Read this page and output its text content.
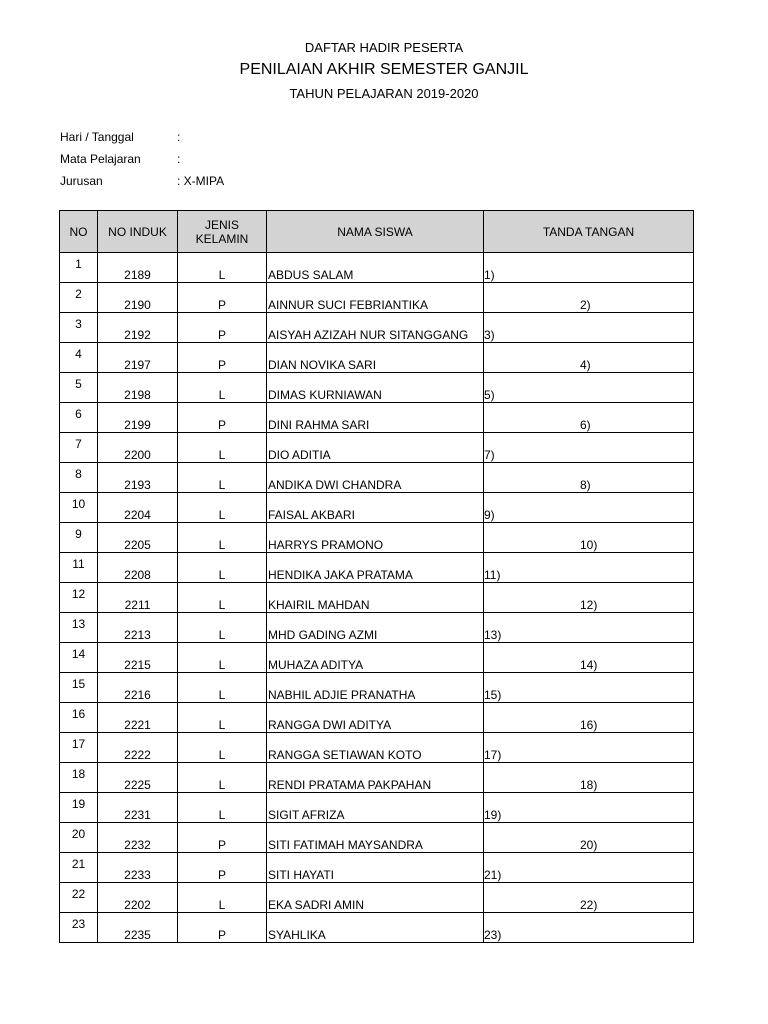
DAFTAR HADIR PESERTA
PENILAIAN AKHIR SEMESTER GANJIL
TAHUN PELAJARAN 2019-2020
Hari / Tanggal	:
Mata Pelajaran	:
Jurusan	: X-MIPA
NO	NO INDUK	JENIS KELAMIN	NAMA SISWA	TANDA TANGAN
1	2189	L	ABDUS SALAM	1)
2	2190	P	AINNUR SUCI FEBRIANTIKA	2)
3	2192	P	AISYAH AZIZAH NUR SITANGGANG	3)
4	2197	P	DIAN NOVIKA SARI	4)
5	2198	L	DIMAS KURNIAWAN	5)
6	2199	P	DINI RAHMA SARI	6)
7	2200	L	DIO ADITIA	7)
8	2193	L	ANDIKA DWI CHANDRA	8)
10	2204	L	FAISAL AKBARI	9)
9	2205	L	HARRYS PRAMONO	10)
11	2208	L	HENDIKA JAKA PRATAMA	11)
12	2211	L	KHAIRIL MAHDAN	12)
13	2213	L	MHD GADING AZMI	13)
14	2215	L	MUHAZA ADITYA	14)
15	2216	L	NABHIL ADJIE PRANATHA	15)
16	2221	L	RANGGA DWI ADITYA	16)
17	2222	L	RANGGA SETIAWAN KOTO	17)
18	2225	L	RENDI PRATAMA PAKPAHAN	18)
19	2231	L	SIGIT AFRIZA	19)
20	2232	P	SITI FATIMAH MAYSANDRA	20)
21	2233	P	SITI HAYATI	21)
22	2202	L	EKA SADRI AMIN	22)
23	2235	P	SYAHLIKA	23)
